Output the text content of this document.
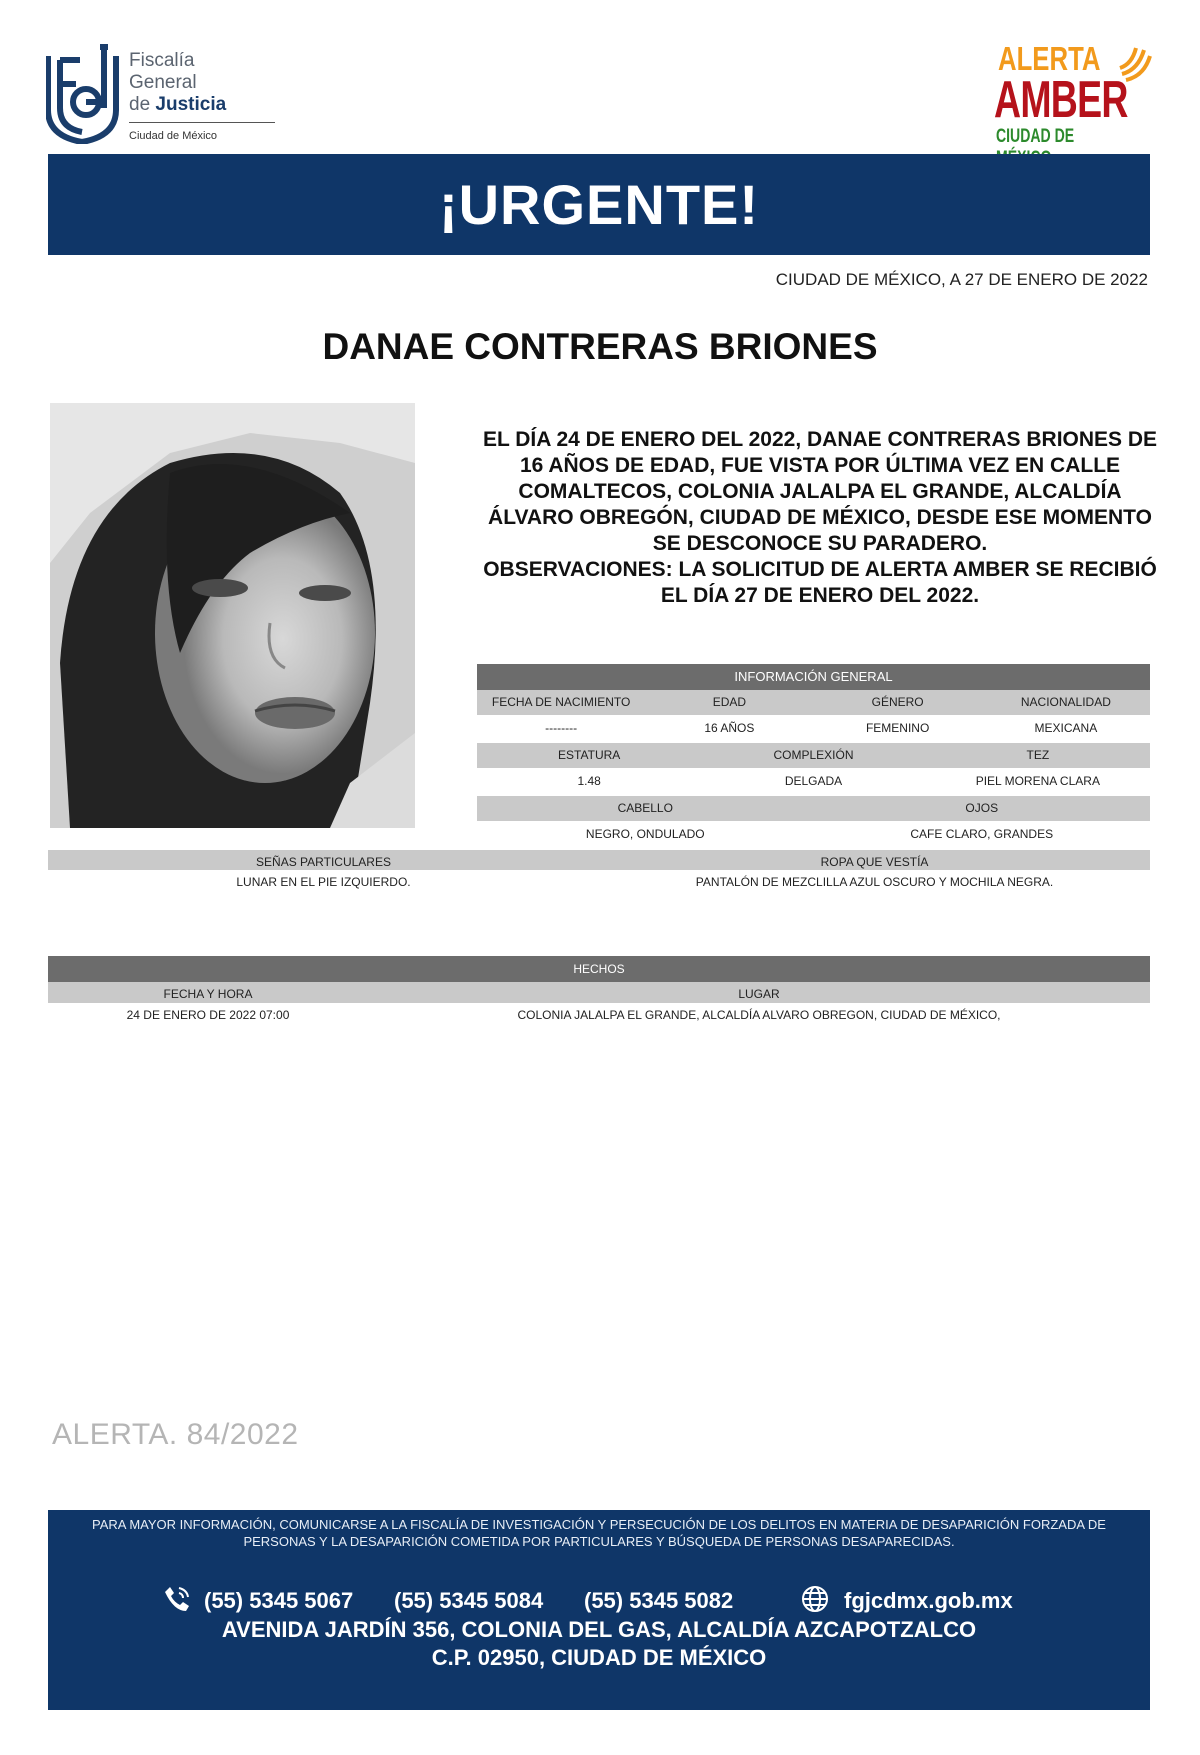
Fiscalía
General
de Justicia
Ciudad de México
ALERTA
AMBER
CIUDAD DE
¡URGENTE!
CIUDAD DE MÉXICO, A 27 DE ENERO DE 2022
DANAE CONTRERAS BRIONES

EL DÍA 24 DE ENERO DEL 2022, DANAE CONTRERAS BRIONES DE 16 AÑOS DE EDAD, FUE VISTA POR ÚLTIMA VEZ EN CALLE COMALTECOS, COLONIA JALALPA EL GRANDE, ALCALDÍA ÁLVARO OBREGÓN, CIUDAD DE MÉXICO, DESDE ESE MOMENTO SE DESCONOCE SU PARADERO.

OBSERVACIONES: LA SOLICITUD DE ALERTA AMBER SE RECIBIÓ EL DÍA 27 DE ENERO DEL 2022.

INFORMACIÓN GENERAL
FECHA DE NACIMIENTO	EDAD	GÉNERO	NACIONALIDAD
--------	16 AÑOS	FEMENINO	MEXICANA
ESTATURA	COMPLEXIÓN	TEZ
1.48	DELGADA	PIEL MORENA CLARA
CABELLO	OJOS
NEGRO, ONDULADO	CAFE CLARO, GRANDES
SEÑAS PARTICULARES	ROPA QUE VESTÍA
LUNAR EN EL PIE IZQUIERDO.	PANTALÓN DE MEZCLILLA AZUL OSCURO Y MOCHILA NEGRA.
HECHOS
FECHA Y HORA	LUGAR
24 DE ENERO DE 2022 07:00	COLONIA JALALPA EL GRANDE, ALCALDÍA ALVARO OBREGON, CIUDAD DE MÉXICO,
ALERTA. 84/2022
PARA MAYOR INFORMACIÓN, COMUNICARSE A LA FISCALÍA DE INVESTIGACIÓN Y PERSECUCIÓN DE LOS DELITOS EN MATERIA DE DESAPARICIÓN FORZADA DE PERSONAS Y LA DESAPARICIÓN COMETIDA POR PARTICULARES Y BÚSQUEDA DE PERSONAS DESAPARECIDAS.
(55) 5345 5067 (55) 5345 5084 (55) 5345 5082	fgjcdmx.gob.mx
AVENIDA JARDÍN 356, COLONIA DEL GAS, ALCALDÍA AZCAPOTZALCO
C.P. 02950, CIUDAD DE MÉXICO
